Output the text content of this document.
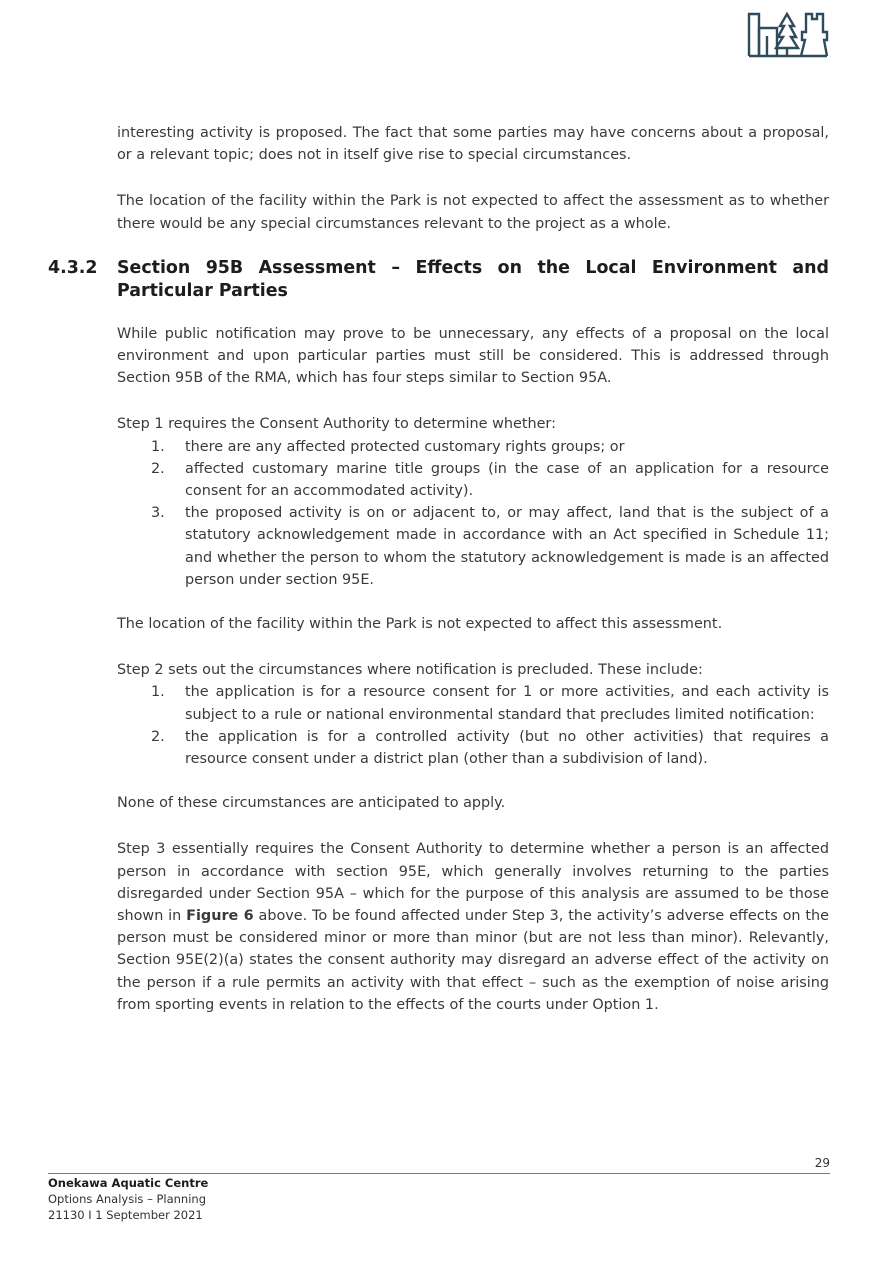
interesting activity is proposed. The fact that some parties may have concerns about a proposal, or a relevant topic; does not in itself give rise to special circumstances.

The location of the facility within the Park is not expected to affect the assessment as to whether there would be any special circumstances relevant to the project as a whole.

While public notification may prove to be unnecessary, any effects of a proposal on the local environment and upon particular parties must still be considered. This is addressed through Section 95B of the RMA, which has four steps similar to Section 95A.

Step 1 requires the Consent Authority to determine whether:

1. there are any affected protected customary rights groups; or
2. affected customary marine title groups (in the case of an application for a resource consent for an accommodated activity).
3. the proposed activity is on or adjacent to, or may affect, land that is the subject of a statutory acknowledgement made in accordance with an Act specified in Schedule 11; and whether the person to whom the statutory acknowledgement is made is an affected person under section 95E.

The location of the facility within the Park is not expected to affect this assessment.

Step 2 sets out the circumstances where notification is precluded. These include:

1. the application is for a resource consent for 1 or more activities, and each activity is subject to a rule or national environmental standard that precludes limited notification:
2. the application is for a controlled activity (but no other activities) that requires a resource consent under a district plan (other than a subdivision of land).

None of these circumstances are anticipated to apply.

Step 3 essentially requires the Consent Authority to determine whether a person is an affected person in accordance with section 95E, which generally involves returning to the parties disregarded under Section 95A – which for the purpose of this analysis are assumed to be those shown in Figure 6 above. To be found affected under Step 3, the activity’s adverse effects on the person must be considered minor or more than minor (but are not less than minor). Relevantly, Section 95E(2)(a) states the consent authority may disregard an adverse effect of the activity on the person if a rule permits an activity with that effect – such as the exemption of noise arising from sporting events in relation to the effects of the courts under Option 1.

4.3.2 Section 95B Assessment – Effects on the Local Environment and Particular Parties
29
Onekawa Aquatic Centre
Options Analysis – Planning
21130 I 1 September 2021
